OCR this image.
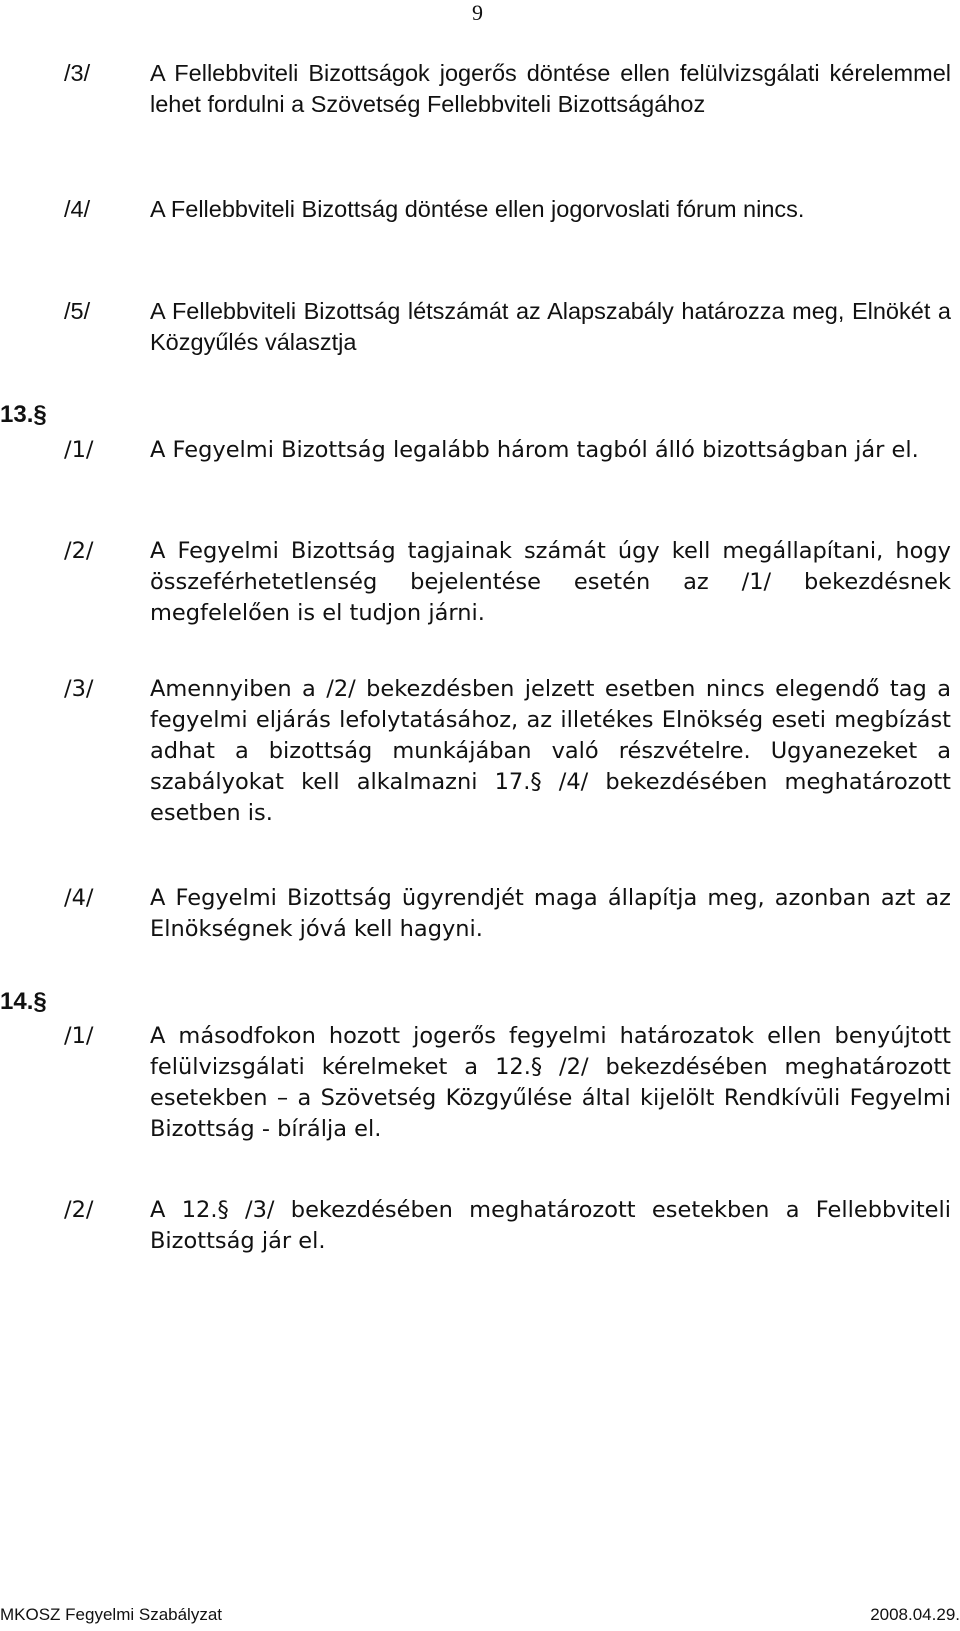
9
/3/	A Fellebbviteli Bizottságok jogerős döntése ellen felülvizsgálati kérelemmel lehet fordulni a Szövetség Fellebbviteli Bizottságához
/4/	A Fellebbviteli Bizottság döntése ellen jogorvoslati fórum nincs.
/5/	A Fellebbviteli Bizottság létszámát az Alapszabály határozza meg, Elnökét a Közgyűlés választja
13.§
/1/	A Fegyelmi Bizottság legalább három tagból álló bizottságban jár el.
/2/	A Fegyelmi Bizottság tagjainak számát úgy kell megállapítani, hogy összeférhetetlenség bejelentése esetén az /1/ bekezdésnek megfelelően is el tudjon járni.
/3/	Amennyiben a /2/ bekezdésben jelzett esetben nincs elegendő tag a fegyelmi eljárás lefolytatásához, az illetékes Elnökség eseti megbízást adhat a bizottság munkájában való részvételre. Ugyanezeket a szabályokat kell alkalmazni 17.§ /4/ bekezdésében meghatározott esetben is.
/4/	A Fegyelmi Bizottság ügyrendjét maga állapítja meg, azonban azt az Elnökségnek jóvá kell hagyni.
14.§
/1/	A másodfokon hozott jogerős fegyelmi határozatok ellen benyújtott felülvizsgálati kérelmeket a 12.§ /2/ bekezdésében meghatározott esetekben – a Szövetség Közgyűlése által kijelölt Rendkívüli Fegyelmi Bizottság - bírálja el.
/2/	A 12.§ /3/ bekezdésében meghatározott esetekben a Fellebbviteli Bizottság jár el.
MKOSZ Fegyelmi Szabályzat	2008.04.29.
